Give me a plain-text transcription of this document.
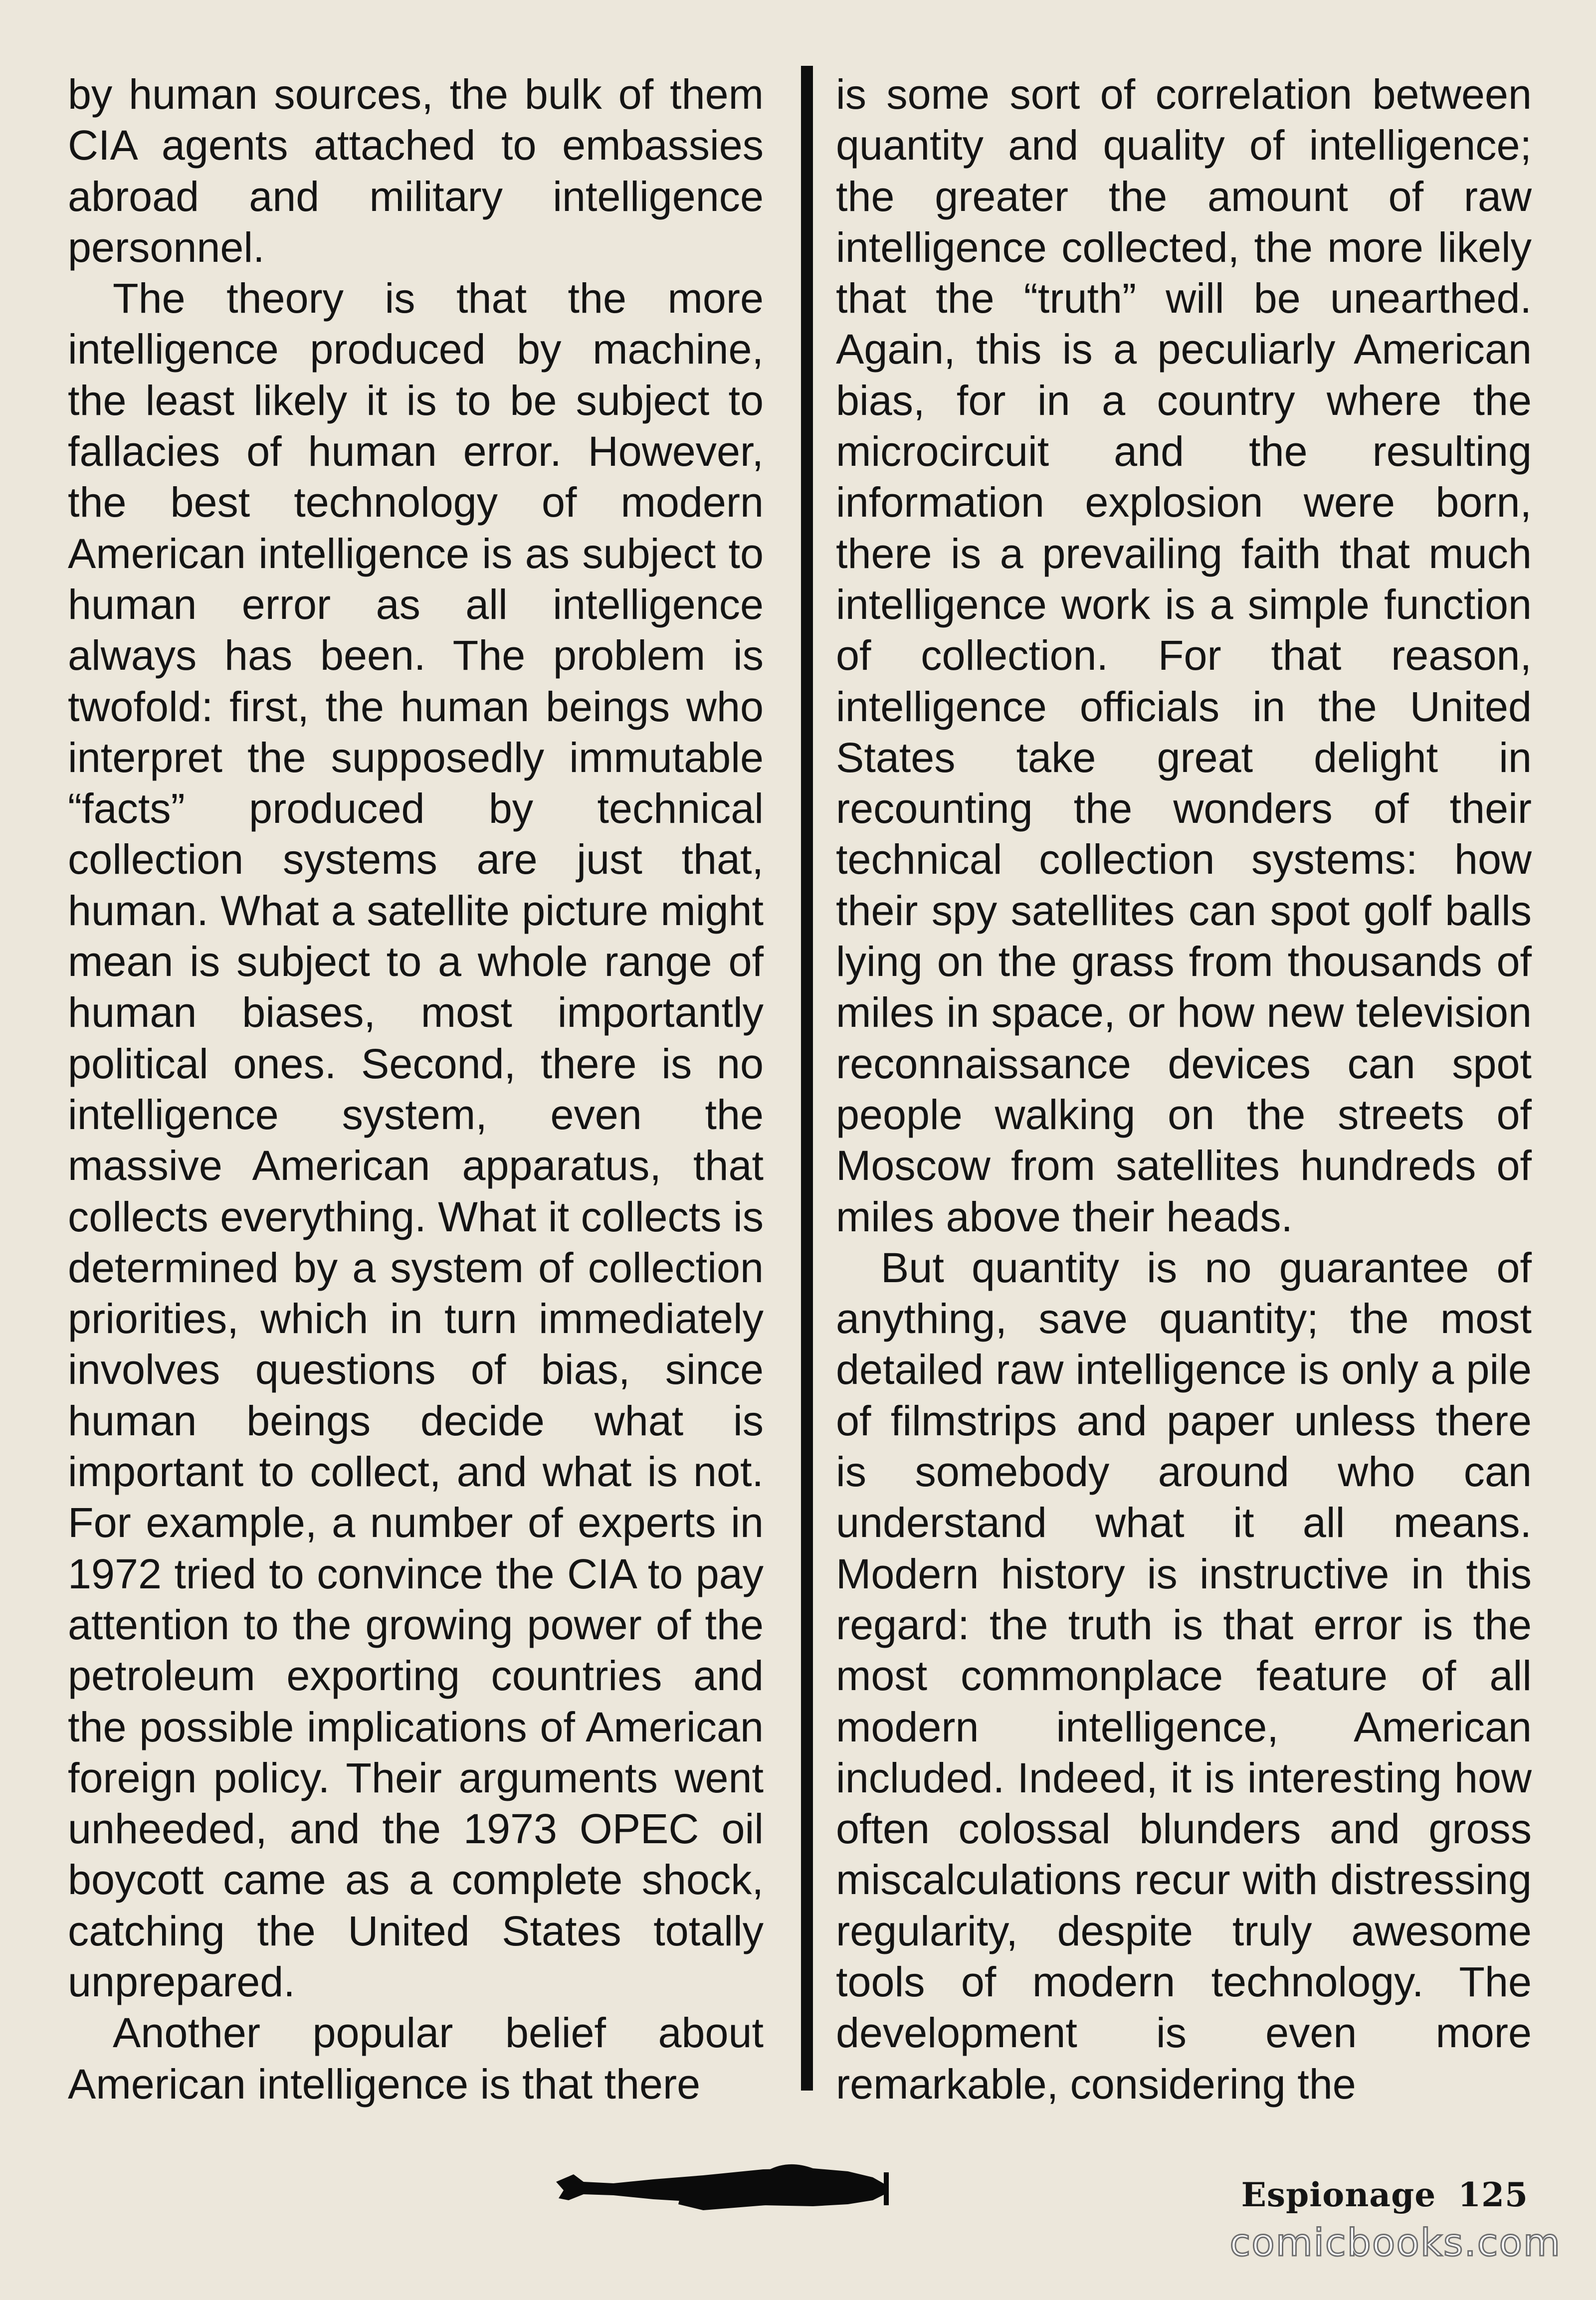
by human sources, the bulk of them CIA agents attached to embassies abroad and military intelligence personnel.

The theory is that the more intelligence produced by machine, the least likely it is to be subject to fallacies of human error. However, the best technology of modern American intelligence is as subject to human error as all intelligence always has been. The problem is twofold: first, the human beings who interpret the supposedly immutable “facts” produced by technical collection systems are just that, human. What a satellite picture might mean is subject to a whole range of human biases, most importantly political ones. Second, there is no intelligence system, even the massive American apparatus, that collects everything. What it collects is determined by a system of collection priorities, which in turn immediately involves questions of bias, since human beings decide what is important to collect, and what is not. For example, a number of experts in 1972 tried to convince the CIA to pay attention to the growing power of the petroleum exporting countries and the possible implications of American foreign policy. Their arguments went unheeded, and the 1973 OPEC oil boycott came as a complete shock, catching the United States totally unprepared.

Another popular belief about American intelligence is that there

is some sort of correlation between quantity and quality of intelligence; the greater the amount of raw intelligence collected, the more likely that the “truth” will be unearthed. Again, this is a peculiarly American bias, for in a country where the microcircuit and the resulting information explosion were born, there is a prevailing faith that much intelligence work is a simple function of collection. For that reason, intelligence officials in the United States take great delight in recounting the wonders of their technical collection systems: how their spy satellites can spot golf balls lying on the grass from thousands of miles in space, or how new television reconnaissance devices can spot people walking on the streets of Moscow from satellites hundreds of miles above their heads.

But quantity is no guarantee of anything, save quantity; the most detailed raw intelligence is only a pile of filmstrips and paper unless there is somebody around who can understand what it all means. Modern history is instructive in this regard: the truth is that error is the most commonplace feature of all modern intelligence, American included. Indeed, it is interesting how often colossal blunders and gross miscalculations recur with distressing regularity, despite truly awesome tools of modern technology. The development is even more remarkable, considering the

Espionage 125
comicbooks.com
